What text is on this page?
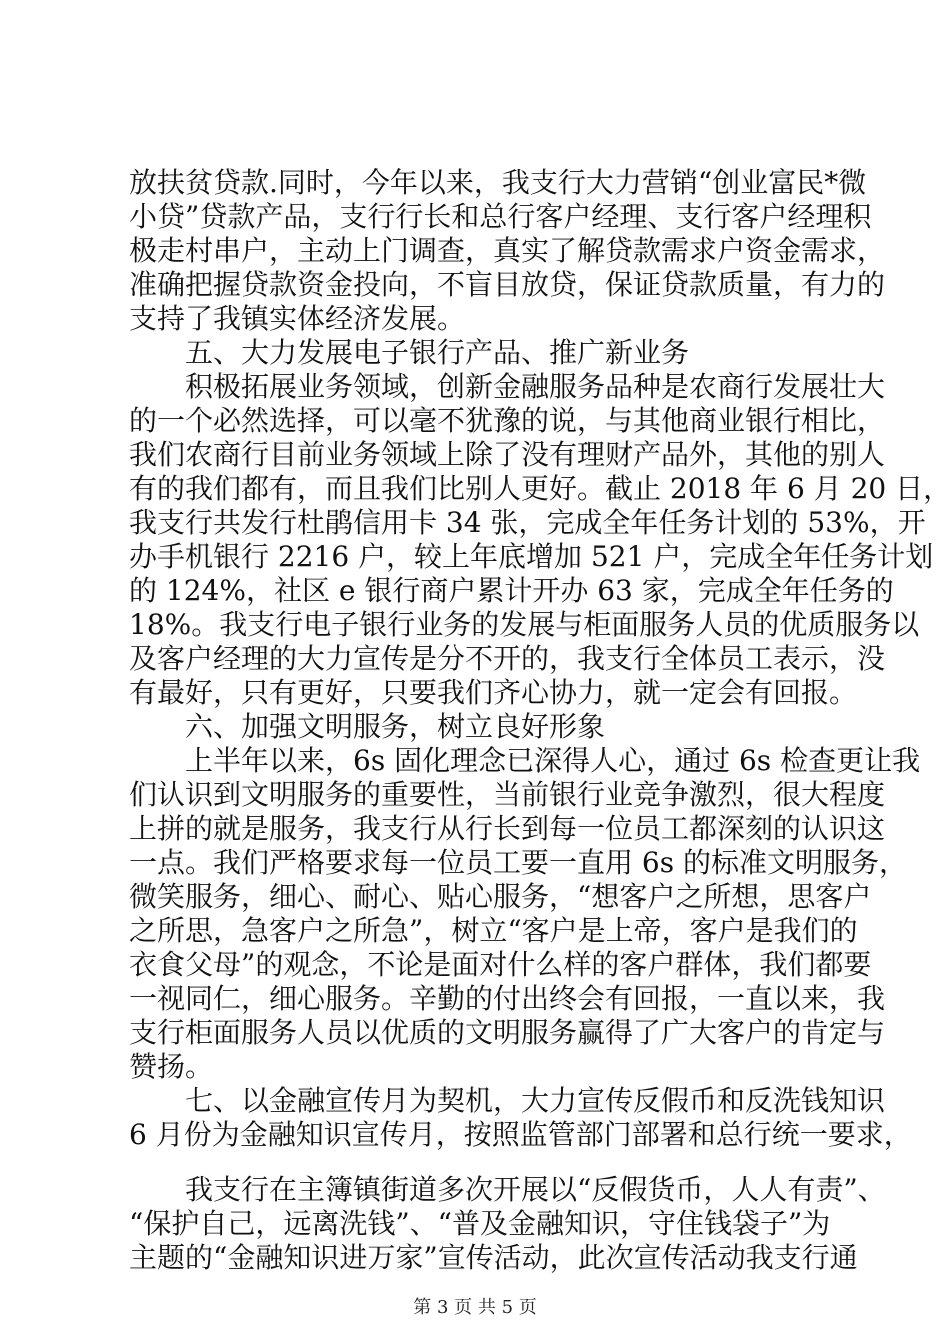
放扶贫贷款.同时，今年以来，我支行大力营销“创业富民*微
小贷”贷款产品，支行行长和总行客户经理、支行客户经理积
极走村串户，主动上门调查，真实了解贷款需求户资金需求，
准确把握贷款资金投向，不盲目放贷，保证贷款质量，有力的
支持了我镇实体经济发展。
五、大力发展电子银行产品、推广新业务
积极拓展业务领域，创新金融服务品种是农商行发展壮大
的一个必然选择，可以毫不犹豫的说，与其他商业银行相比，
我们农商行目前业务领域上除了没有理财产品外，其他的别人
有的我们都有，而且我们比别人更好。截止 2018 年 6 月 20 日，
我支行共发行杜鹃信用卡 34 张，完成全年任务计划的 53%，开
办手机银行 2216 户，较上年底增加 521 户，完成全年任务计划
的 124%，社区 e 银行商户累计开办 63 家，完成全年任务的
18%。我支行电子银行业务的发展与柜面服务人员的优质服务以
及客户经理的大力宣传是分不开的，我支行全体员工表示，没
有最好，只有更好，只要我们齐心协力，就一定会有回报。
六、加强文明服务，树立良好形象
上半年以来，6s 固化理念已深得人心，通过 6s 检查更让我
们认识到文明服务的重要性，当前银行业竞争激烈，很大程度
上拼的就是服务，我支行从行长到每一位员工都深刻的认识这
一点。我们严格要求每一位员工要一直用 6s 的标准文明服务，
微笑服务，细心、耐心、贴心服务，“想客户之所想，思客户
之所思，急客户之所急”，树立“客户是上帝，客户是我们的
衣食父母”的观念，不论是面对什么样的客户群体，我们都要
一视同仁，细心服务。辛勤的付出终会有回报，一直以来，我
支行柜面服务人员以优质的文明服务赢得了广大客户的肯定与
赞扬。
七、以金融宣传月为契机，大力宣传反假币和反洗钱知识
6 月份为金融知识宣传月，按照监管部门部署和总行统一要求，
我支行在主簿镇街道多次开展以“反假货币，人人有责”、
“保护自己，远离洗钱”、“普及金融知识，守住钱袋子”为
第 3 页 共 5 页
主题的“金融知识进万家”宣传活动，此次宣传活动我支行通
